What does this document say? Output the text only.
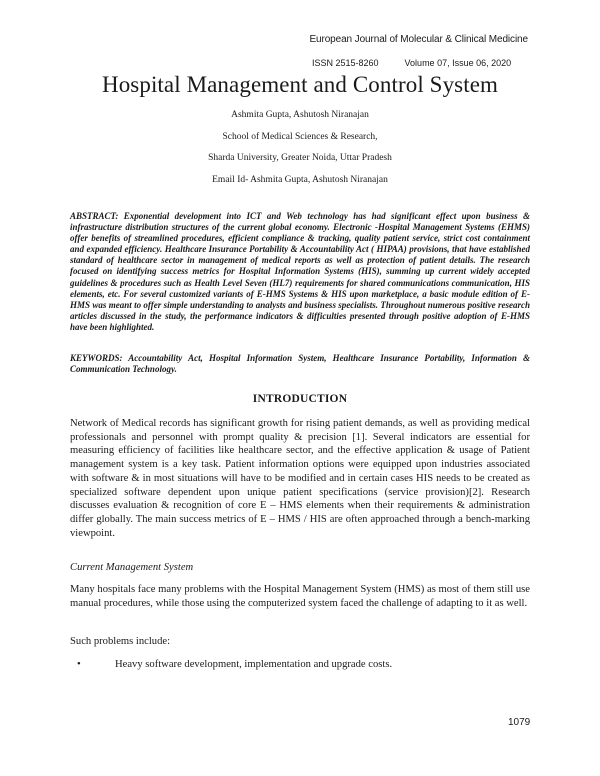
European Journal of Molecular & Clinical Medicine
ISSN 2515-8260	Volume 07, Issue 06, 2020
Hospital Management and Control System
Ashmita Gupta, Ashutosh Niranajan
School of Medical Sciences & Research,
Sharda University, Greater Noida, Uttar Pradesh
Email Id- Ashmita Gupta, Ashutosh Niranajan

ABSTRACT: Exponential development into ICT and Web technology has had significant effect upon business & infrastructure distribution structures of the current global economy. Electronic -Hospital Management Systems (EHMS) offer benefits of streamlined procedures, efficient compliance & tracking, quality patient service, strict cost containment and expanded efficiency. Healthcare Insurance Portability & Accountability Act ( HIPAA) provisions, that have established standard of healthcare sector in management of medical reports as well as protection of patient details. The research focused on identifying success metrics for Hospital Information Systems (HIS), summing up current widely accepted guidelines & procedures such as Health Level Seven (HL7) requirements for shared communications communication, HIS elements, etc. For several customized variants of E-HMS Systems & HIS upon marketplace, a basic module edition of E-HMS was meant to offer simple understanding to analysts and business specialists. Throughout numerous positive research articles discussed in the study, the performance indicators & difficulties presented through positive adoption of E-HMS have been highlighted.

KEYWORDS: Accountability Act, Hospital Information System, Healthcare Insurance Portability, Information & Communication Technology.

INTRODUCTION

Network of Medical records has significant growth for rising patient demands, as well as providing medical professionals and personnel with prompt quality & precision [1]. Several indicators are essential for measuring efficiency of facilities like healthcare sector, and the effective application & usage of Patient management system is a key task. Patient information options were equipped upon industries associated with software & in most situations will have to be modified and in certain cases HIS needs to be created as specialized software dependent upon unique patient specifications (service provision)[2]. Research discusses evaluation & recognition of core E – HMS elements when their requirements & administration differ globally. The main success metrics of E – HMS / HIS are often approached through a bench-marking viewpoint.

Current Management System

Many hospitals face many problems with the Hospital Management System (HMS) as most of them still use manual procedures, while those using the computerized system faced the challenge of adapting to it as well.

Such problems include:
•	Heavy software development, implementation and upgrade costs.
1079
